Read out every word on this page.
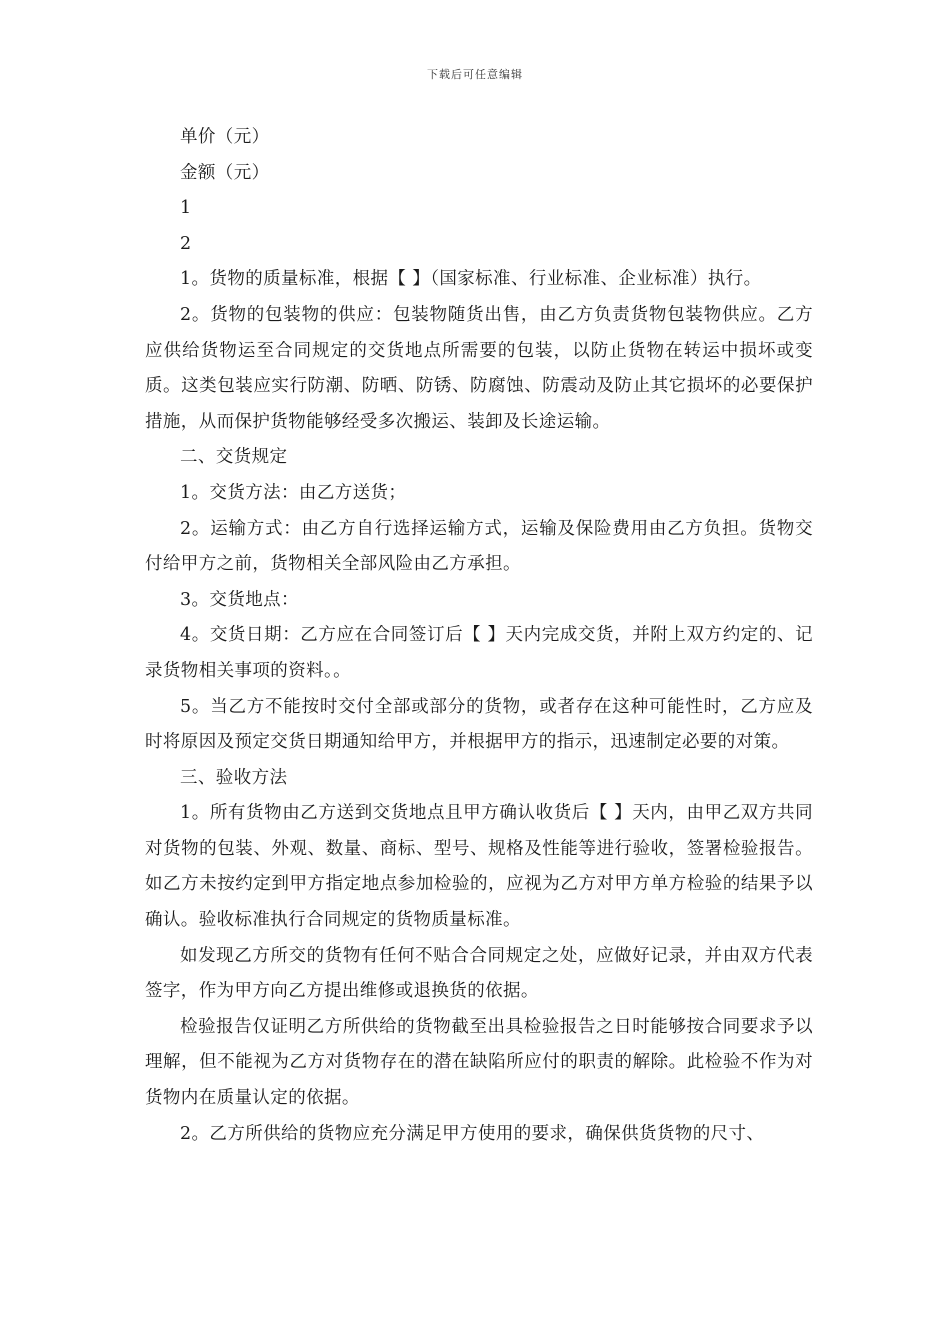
下载后可任意编辑

单价（元）

金额（元）

1

2

1。货物的质量标准，根据【 】（国家标准、行业标准、企业标准）执行。

2。货物的包装物的供应：包装物随货出售，由乙方负责货物包装物供应。乙方应供给货物运至合同规定的交货地点所需要的包装，以防止货物在转运中损坏或变质。这类包装应实行防潮、防晒、防锈、防腐蚀、防震动及防止其它损坏的必要保护措施，从而保护货物能够经受多次搬运、装卸及长途运输。

二、交货规定

1。交货方法：由乙方送货；

2。运输方式：由乙方自行选择运输方式，运输及保险费用由乙方负担。货物交付给甲方之前，货物相关全部风险由乙方承担。

3。交货地点：

4。交货日期：乙方应在合同签订后【 】天内完成交货，并附上双方约定的、记录货物相关事项的资料。。

5。当乙方不能按时交付全部或部分的货物，或者存在这种可能性时，乙方应及时将原因及预定交货日期通知给甲方，并根据甲方的指示，迅速制定必要的对策。

三、验收方法

1。所有货物由乙方送到交货地点且甲方确认收货后【 】天内，由甲乙双方共同对货物的包装、外观、数量、商标、型号、规格及性能等进行验收，签署检验报告。如乙方未按约定到甲方指定地点参加检验的，应视为乙方对甲方单方检验的结果予以确认。验收标准执行合同规定的货物质量标准。

如发现乙方所交的货物有任何不贴合合同规定之处，应做好记录，并由双方代表签字，作为甲方向乙方提出维修或退换货的依据。

检验报告仅证明乙方所供给的货物截至出具检验报告之日时能够按合同要求予以理解，但不能视为乙方对货物存在的潜在缺陷所应付的职责的解除。此检验不作为对货物内在质量认定的依据。

2。乙方所供给的货物应充分满足甲方使用的要求，确保供货货物的尺寸、
